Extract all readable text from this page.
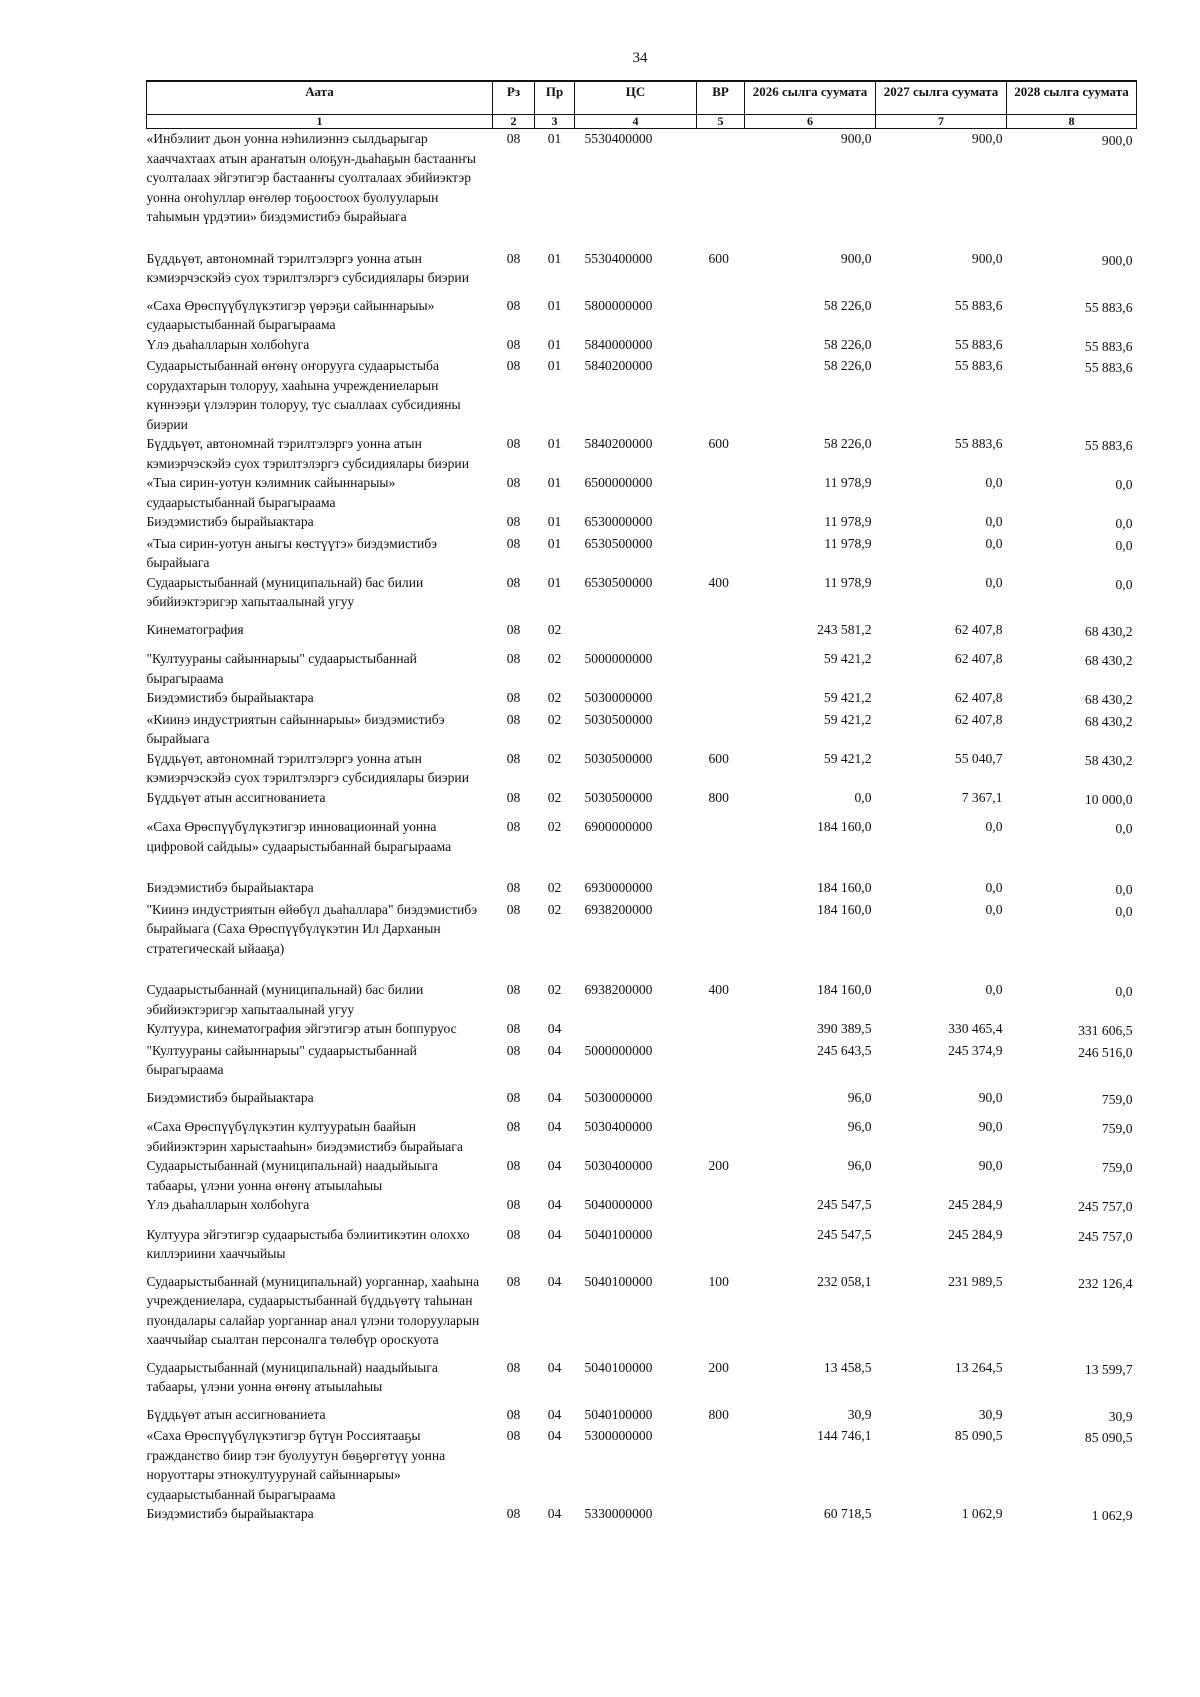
34
Аата	Рз	Пр	ЦС	ВР	2026 сылга суумата	2027 сылга суумата	2028 сылга суумата
1	2	3	4	5	6	7	8
«Инбэлиит дьон уонна нэһилиэннэ сылдьарыгар хааччахтаах атын араҥатын олоҕун-дьаһаҕын бастаанҥы суолталаах эйгэтигэр бастаанҥы суолталаах эбийиэктэр уонна оҥоһуллар өҥөлөр тоҕоостоох буолууларын таһымын үрдэтии» биэдэмистибэ бырайыага	08	01	5530400000		900,0	900,0	900,0
Бүддьүөт, автономнай тэрилтэлэргэ уонна атын кэмиэрчэскэйэ суох тэрилтэлэргэ субсидиялары биэрии	08	01	5530400000	600	900,0	900,0	900,0
«Саха Өрөспүүбүлүкэтигэр үөрэҕи сайыннарыы» судаарыстыбаннай бырагыраама	08	01	5800000000		58 226,0	55 883,6	55 883,6
Үлэ дьаһалларын холбоһуга	08	01	5840000000		58 226,0	55 883,6	55 883,6
Судаарыстыбаннай өҥөнү оҥорууга судаарыстыба сорудахтарын толоруу, хааһына учреждениеларын күннээҕи үлэлэрин толоруу, тус сыаллаах субсидияны биэрии	08	01	5840200000		58 226,0	55 883,6	55 883,6
Бүддьүөт, автономнай тэрилтэлэргэ уонна атын кэмиэрчэскэйэ суох тэрилтэлэргэ субсидиялары биэрии	08	01	5840200000	600	58 226,0	55 883,6	55 883,6
«Тыа сирин-уотун кэлимник сайыннарыы» судаарыстыбаннай бырагыраама	08	01	6500000000		11 978,9	0,0	0,0
Биэдэмистибэ бырайыактара	08	01	6530000000		11 978,9	0,0	0,0
«Тыа сирин-уотун аныгы көстүүтэ» биэдэмистибэ бырайыага	08	01	6530500000		11 978,9	0,0	0,0
Судаарыстыбаннай (муниципальнай) бас билии эбийиэктэригэр хапытаалынай угуу	08	01	6530500000	400	11 978,9	0,0	0,0
Кинематография	08	02			243 581,2	62 407,8	68 430,2
"Култуураны сайыннарыы" судаарыстыбаннай бырагыраама	08	02	5000000000		59 421,2	62 407,8	68 430,2
Биэдэмистибэ бырайыактара	08	02	5030000000		59 421,2	62 407,8	68 430,2
«Киинэ индустриятын сайыннарыы» биэдэмистибэ бырайыага	08	02	5030500000		59 421,2	62 407,8	68 430,2
Бүддьүөт, автономнай тэрилтэлэргэ уонна атын кэмиэрчэскэйэ суох тэрилтэлэргэ субсидиялары биэрии	08	02	5030500000	600	59 421,2	55 040,7	58 430,2
Бүддьүөт атын ассигнованиета	08	02	5030500000	800	0,0	7 367,1	10 000,0
«Саха Өрөспүүбүлүкэтигэр инновационнай уонна цифровой сайдыы» судаарыстыбаннай бырагыраама	08	02	6900000000		184 160,0	0,0	0,0
Биэдэмистибэ бырайыактара	08	02	6930000000		184 160,0	0,0	0,0
"Киинэ индустриятын өйөбүл дьаһаллара" биэдэмистибэ бырайыага (Саха Өрөспүүбүлүкэтин Ил Дарханын стратегическай ыйааҕа)	08	02	6938200000		184 160,0	0,0	0,0
Судаарыстыбаннай (муниципальнай) бас билии эбийиэктэригэр хапытаалынай угуу	08	02	6938200000	400	184 160,0	0,0	0,0
Култуура, кинематография эйгэтигэр атын боппуруос	08	04			390 389,5	330 465,4	331 606,5
"Култуураны сайыннарыы" судаарыстыбаннай бырагыраама	08	04	5000000000		245 643,5	245 374,9	246 516,0
Биэдэмистибэ бырайыактара	08	04	5030000000		96,0	90,0	759,0
«Саха Өрөспүүбүлүкэтин култуурatын баайын эбийиэктэрин харыстааһын» биэдэмистибэ бырайыага	08	04	5030400000		96,0	90,0	759,0
Судаарыстыбаннай (муниципальнай) наадыйыыга табаары, үлэни уонна өҥөнү атыылаһыы	08	04	5030400000	200	96,0	90,0	759,0
Үлэ дьаһалларын холбоһуга	08	04	5040000000		245 547,5	245 284,9	245 757,0
Култуура эйгэтигэр судаарыстыба бэлиитикэтин олоххо киллэриини хааччыйыы	08	04	5040100000		245 547,5	245 284,9	245 757,0
Судаарыстыбаннай (муниципальнай) уорганнар, хааһына учреждениелара, судаарыстыбаннай бүддьүөтү таһынан пуондалары салайар уорганнар анал үлэни толорууларын хааччыйар сыалтан персоналга төлөбүр ороскуота	08	04	5040100000	100	232 058,1	231 989,5	232 126,4
Судаарыстыбаннай (муниципальнай) наадыйыыга табаары, үлэни уонна өҥөнү атыылаһыы	08	04	5040100000	200	13 458,5	13 264,5	13 599,7
Бүддьүөт атын ассигнованиета	08	04	5040100000	800	30,9	30,9	30,9
«Саха Өрөспүүбүлүкэтигэр бүтүн Россиятааҕы гражданство биир тэҥ буолуутун бөҕөргөтүү уонна норуоттары этнокултуурунай сайыннарыы» судаарыстыбаннай бырагыраама	08	04	5300000000		144 746,1	85 090,5	85 090,5
Биэдэмистибэ бырайыактара	08	04	5330000000		60 718,5	1 062,9	1 062,9
